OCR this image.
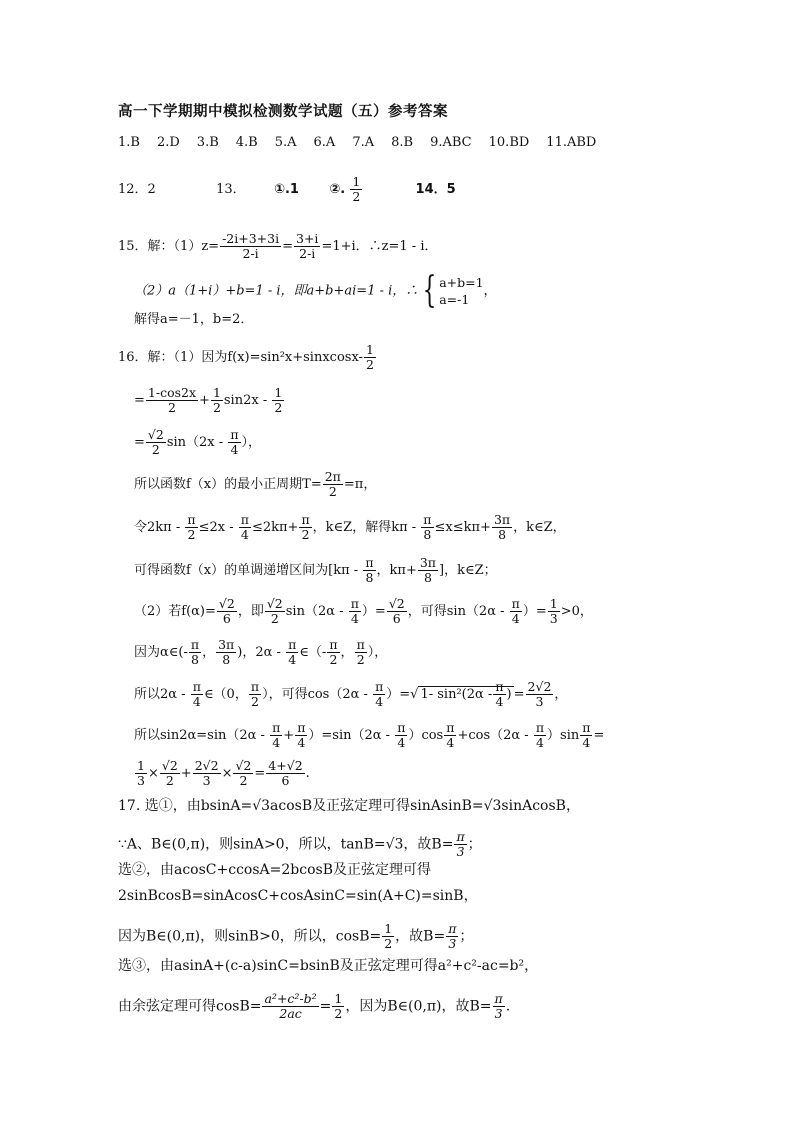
高一下学期期中模拟检测数学试题（五）参考答案
1.B 2.D 3.B 4.B 5.A 6.A 7.A 8.B 9.ABC 10.BD 11.ABD
12．2	13． ①.1 ②. $\frac{1}{2}$	14．5
15．解：$(1)z= \frac{-2i+3+3i}{2-i} = \frac{3+i}{2-i} =1+i$．∴z=1 - i．
（2）a（1+i）+b=1 - i，即a+b+ai=1 - i，∴ { a+b=1
a=-1
，
解得a=－1，b=2．
16．解：（1）因为f(x)=sin²x+sinxcosx- $\frac{1}{2}$
= $\frac{1-\cos 2x}{2} + \frac{1}{2} \sin 2x - \frac{1}{2}$
= $\frac{√2}{2} \sin(2x - \frac{\pi}{4}$ ），
所以函数f（x）的最小正周期$T= \frac{2\pi}{2} =\pi$，
令$2k\pi - \frac{\pi}{2} \le 2x - \frac{\pi}{4} \le 2k\pi+ \frac{\pi}{2}$ ，k∈Z，解得$k\pi - \frac{\pi}{8} \le x\le k\pi+ \frac{3\pi}{8}$ ，k∈Z，
可得函数f（x）的单调递增区间为[$k\pi - \frac{\pi}{8}$ ，$k\pi+ \frac{3\pi}{8}$ ]，k∈Z；
（2）若$f(\alpha)= \frac{√2}{6}$ ，即 $\frac{√2}{2} \sin(2\alpha - \frac{\pi}{4}$ ）= $\frac{√2}{6}$ ，可得$\sin(2\alpha - \frac{\pi}{4}$ ）= $\frac{1}{3} >0$，
因为α∈(- $\frac{\pi}{8}$ ， $\frac{3\pi}{8}$ )，$2\alpha - \frac{\pi}{4}$ ∈（- $\frac{\pi}{2}$ ， $\frac{\pi}{2}$ ），
所以$2\alpha - \frac{\pi}{4}$ ∈（0， $\frac{\pi}{2}$ ），可得$\cos(2\alpha - \frac{\pi}{4}$ ）=√ 1- $\sin^2(2\alpha - \frac{\pi}{4}$ ) = $\frac{2√2}{3}$ ，
所以$\sin 2\alpha=\sin(2\alpha - \frac{\pi}{4} + \frac{\pi}{4} )=\sin(2\alpha - \frac{\pi}{4} )\cos \frac{\pi}{4} +\cos(2\alpha - \frac{\pi}{4} )\sin \frac{\pi}{4}$ =
$\frac{1}{3} \times \frac{√2}{2} + \frac{2√2}{3} \times \frac{√2}{2} = \frac{4+√2}{6}$ .
17. 选①，由bsinA=√3acosB及正弦定理可得sinAsinB=√3sinAcosB，
∵A、B∈(0,π)，则sinA>0，所以，tanB=√3，故$B= \frac{\pi}{3}$ ；
选②，由acosC+ccosA=2bcosB及正弦定理可得
2sinBcosB=sinAcosC+cosAsinC=sin(A+C)=sinB，
因为B∈(0,π)，则sinB>0，所以，$\cos B= \frac{1}{2}$ ，故$B= \frac{\pi}{3}$ ；
选③，由asinA+(c-a)sinC=bsinB及正弦定理可得a²+c²-ac=b²，
由余弦定理可得$\cos B= \frac{\text{a²+c²-b²}}{2ac} = \frac{1}{2}$ ，因为B∈(0,π)，故$B= \frac{\pi}{3}$ .
